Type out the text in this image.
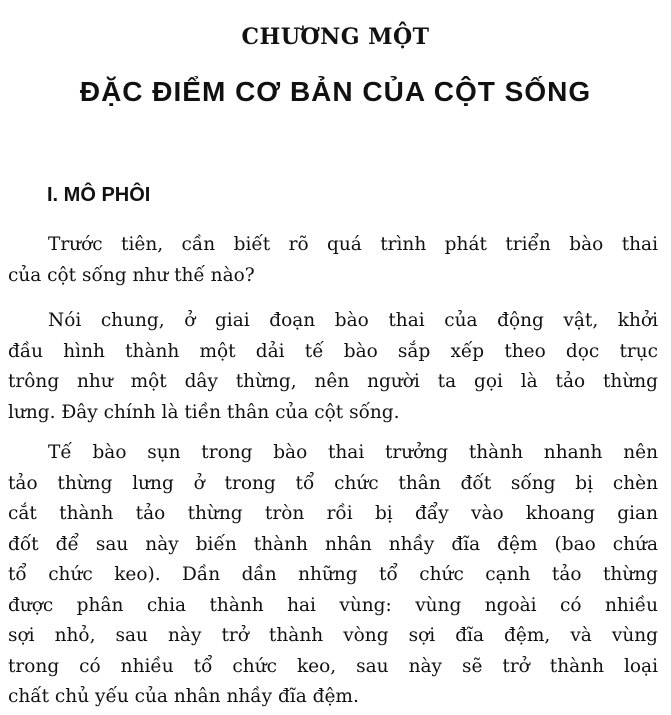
CHƯƠNG MỘT
ĐẶC ĐIỂM CƠ BẢN CỦA CỘT SỐNG
I. MÔ PHÔI
Trước tiên, cần biết rõ quá trình phát triển bào thai
của cột sống như thế nào?
Nói chung, ở giai đoạn bào thai của động vật, khởi
đầu hình thành một dải tế bào sắp xếp theo dọc trục
trông như một dây thừng, nên người ta gọi là tảo thừng
lưng. Đây chính là tiền thân của cột sống.
Tế bào sụn trong bào thai trưởng thành nhanh nên
tảo thừng lưng ở trong tổ chức thân đốt sống bị chèn
cắt thành tảo thừng tròn rồi bị đẩy vào khoang gian
đốt để sau này biến thành nhân nhầy đĩa đệm (bao chứa
tổ chức keo). Dần dần những tổ chức cạnh tảo thừng
được phân chia thành hai vùng: vùng ngoài có nhiều
sợi nhỏ, sau này trở thành vòng sợi đĩa đệm, và vùng
trong có nhiều tổ chức keo, sau này sẽ trở thành loại
chất chủ yếu của nhân nhầy đĩa đệm.
